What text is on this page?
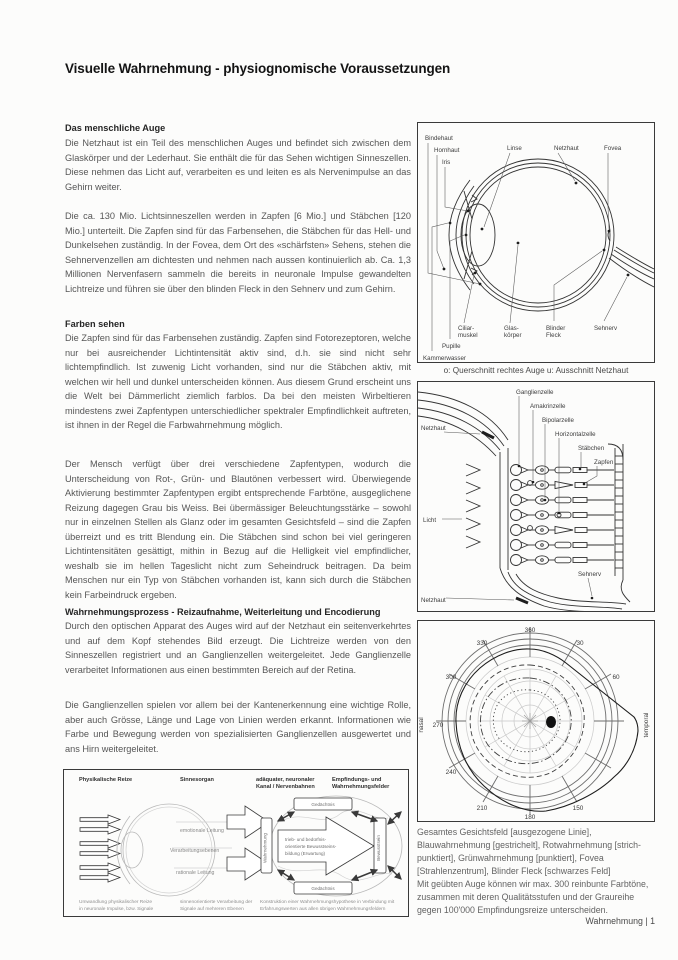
Visuelle Wahrnehmung - physiognomische Voraussetzungen
Das menschliche Auge
Die Netzhaut ist ein Teil des menschlichen Auges und befindet sich zwischen dem Glaskörper und der Lederhaut. Sie enthält die für das Sehen wichtigen Sinneszellen. Diese nehmen das Licht auf, verarbeiten es und leiten es als Nervenimpulse an das Gehirn weiter.
Die ca. 130 Mio. Lichtsinneszellen werden in Zapfen [6 Mio.] und Stäbchen [120 Mio.] unterteilt. Die Zapfen sind für das Farbensehen, die Stäbchen für das Hell- und Dunkelsehen zuständig. In der Fovea, dem Ort des «schärfsten» Sehens, stehen die Sehnervenzellen am dichtesten und nehmen nach aussen kontinuierlich ab. Ca. 1,3 Millionen Nervenfasern sammeln die bereits in neuronale Impulse gewandelten Lichtreize und führen sie über den blinden Fleck in den Sehnerv und zum Gehirn.
Farben sehen
Die Zapfen sind für das Farbensehen zuständig. Zapfen sind Fotorezeptoren, welche nur bei ausreichender Lichtintensität aktiv sind, d.h. sie sind nicht sehr lichtempfindlich. Ist zuwenig Licht vorhanden, sind nur die Stäbchen aktiv, mit welchen wir hell und dunkel unterscheiden können. Aus diesem Grund erscheint uns die Welt bei Dämmerlicht ziemlich farblos. Da bei den meisten Wirbeltieren mindestens zwei Zapfentypen unterschiedlicher spektraler Empfindlichkeit auftreten, ist ihnen in der Regel die Farbwahrnehmung möglich.
Der Mensch verfügt über drei verschiedene Zapfentypen, wodurch die Unterscheidung von Rot-, Grün- und Blautönen verbessert wird. Überwiegende Aktivierung bestimmter Zapfentypen ergibt entsprechende Farbtöne, ausgeglichene Reizung dagegen Grau bis Weiss. Bei übermässiger Beleuchtungsstärke – sowohl nur in einzelnen Stellen als Glanz oder im gesamten Gesichtsfeld – sind die Zapfen überreizt und es tritt Blendung ein. Die Stäbchen sind schon bei viel geringeren Lichtintensitäten gesättigt, mithin in Bezug auf die Helligkeit viel empfindlicher, weshalb sie im hellen Tageslicht nicht zum Seheindruck beitragen. Da beim Menschen nur ein Typ von Stäbchen vorhanden ist, kann sich durch die Stäbchen kein Farbeindruck ergeben.
Wahrnehmungsprozess - Reizaufnahme, Weiterleitung und Encodierung
Durch den optischen Apparat des Auges wird auf der Netzhaut ein seitenverkehrtes und auf dem Kopf stehendes Bild erzeugt. Die Lichtreize werden von den Sinneszellen registriert und an Ganglienzellen weitergeleitet. Jede Ganglienzelle verarbeitet Informationen aus einen bestimmten Bereich auf der Retina.
Die Ganglienzellen spielen vor allem bei der Kantenerkennung eine wichtige Rolle, aber auch Grösse, Länge und Lage von Linien werden erkannt. Informationen wie Farbe und Bewegung werden von spezialisierten Ganglienzellen ausgewertet und ans Hirn weitergeleitet.
Bindehaut
Hornhaut
Iris
Linse	Netzhaut	Fovea
Ciliar-
muskel
Glas-
körper
Blinder
Fleck
Sehnerv
Pupille
Kammerwasser
o: Querschnitt rechtes Auge u: Ausschnitt Netzhaut
Netzhaut
Ganglienzelle
Amakrinzelle
Bipolarzelle
Horizontalzelle
Stäbchen
Zapfen
Licht
Sehnerv
Netzhaut
360
30
60
150
180
210
240
270
300
330
nasal	temporal
Gesamtes Gesichtsfeld [ausgezogene Linie], Blauwahrnehmung [gestrichelt], Rotwahrnehmung [strich-punktiert], Grünwahrnehmung [punktiert], Fovea [Strahlenzentrum], Blinder Fleck [schwarzes Feld]
Mit geübten Auge können wir max. 300 reinbunte Farbtöne, zusammen mit deren Qualitätsstufen und der Graureihe gegen 100'000 Empfindungsreize unterscheiden.
Wahrnehmung | 1
Physikalische Reize	Sinnesorgan	adäquater, neuronaler
Kanal / Nervenbahnen
Empfindungs- und
Wahrnehmungsfelder
emotionale Leitung
Verarbeitungsebenen
rationale Leitung
trieb- und bedürfnis-
orientierte Bewusstseins-
bildung (Erwartung)
Gedächtnis
Gedächtnis
Wahrnehmung	Bewusstsein
Umwandlung physikalischer Reize
in neuronale Impulse, bzw. Signale
sinnenorientierte Verarbeitung der
Signale auf mehreren Ebenen
Konstruktion einer Wahrnehmungshypothese in Verbindung mit
Erfahrungswerten aus allen übrigen Wahrnehmungsfeldern
